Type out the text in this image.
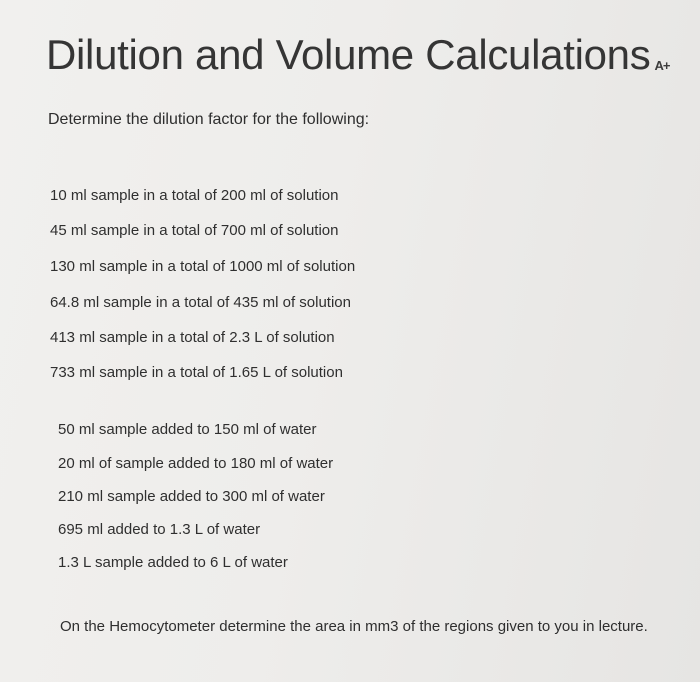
Dilution and Volume Calculations A+
Determine the dilution factor for the following:
10 ml sample in a total of 200 ml of solution
45 ml sample in a total of 700 ml of solution
130 ml sample in a total of 1000 ml of solution
64.8 ml sample in a total of 435 ml of solution
413 ml sample in a total of 2.3 L of solution
733 ml sample in a total of 1.65 L of solution
50 ml sample added to 150 ml of water
20 ml of sample added to 180 ml of water
210 ml sample added to 300 ml of water
695 ml added to 1.3 L of water
1.3 L sample added to 6 L of water
On the Hemocytometer determine the area in mm3 of the regions given to you in lecture.
